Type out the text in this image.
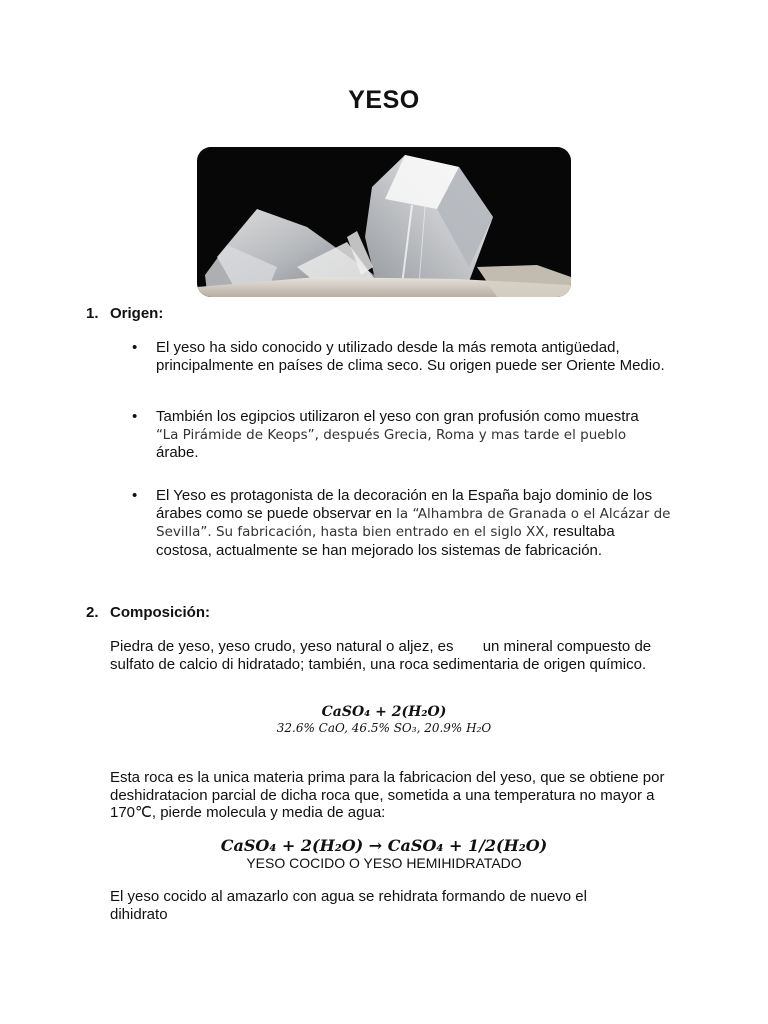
YESO
1. Origen:
• El yeso ha sido conocido y utilizado desde la más remota antigüedad, principalmente en países de clima seco. Su origen puede ser Oriente Medio.
• También los egipcios utilizaron el yeso con gran profusión como muestra
“La Pirámide de Keops”, después Grecia, Roma y mas tarde el pueblo
árabe.
• El Yeso es protagonista de la decoración en la España bajo dominio de los árabes como se puede observar en la “Alhambra de Granada o el Alcázar de Sevilla”. Su fabricación, hasta bien entrado en el siglo XX, resultaba costosa, actualmente se han mejorado los sistemas de fabricación.
2. Composición:
Piedra de yeso, yeso crudo, yeso natural o aljez, es       un mineral compuesto de sulfato de calcio di hidratado; también, una roca sedimentaria de origen químico.
CaSO₄ + 2(H₂O)
32.6% CaO, 46.5% SO₃, 20.9% H₂O
Esta roca es la unica materia prima para la fabricacion del yeso, que se obtiene por deshidratacion parcial de dicha roca que, sometida a una temperatura no mayor a 170℃, pierde molecula y media de agua:
CaSO₄ + 2(H₂O) → CaSO₄ + 1/2(H₂O)
YESO COCIDO O YESO HEMIHIDRATADO
El yeso cocido al amazarlo con agua se rehidrata formando de nuevo el dihidrato
